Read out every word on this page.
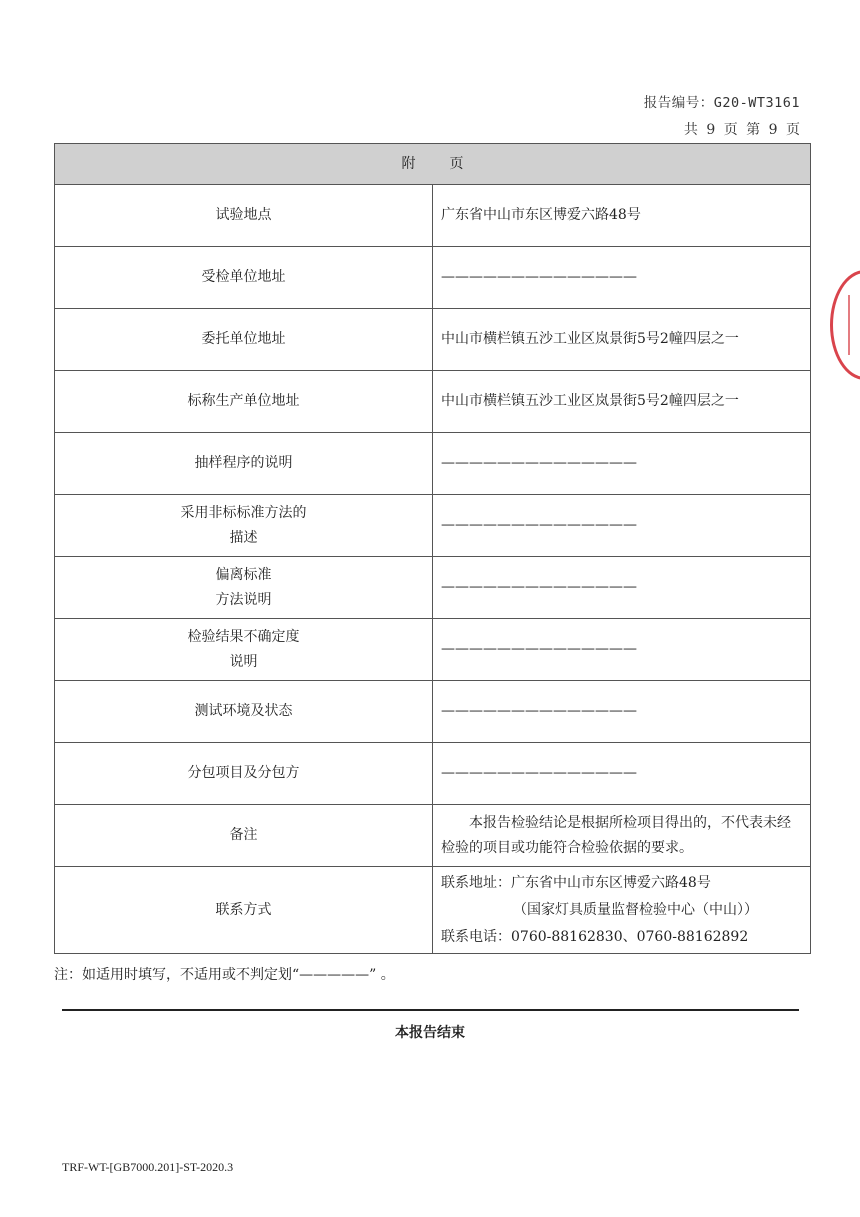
报告编号：G20-WT3161
共 9 页 第 9 页
附页	
试验地点	广东省中山市东区博爱六路48号
受检单位地址	——————————————
委托单位地址	中山市横栏镇五沙工业区岚景街5号2幢四层之一
标称生产单位地址	中山市横栏镇五沙工业区岚景街5号2幢四层之一
抽样程序的说明	——————————————

采用非标标准方法的
描述	——————————————

偏离标准
方法说明	——————————————

检验结果不确定度
说明	——————————————
测试环境及状态	——————————————
分包项目及分包方	——————————————
备注	本报告检验结论是根据所检项目得出的，不代表未经检验的项目或功能符合检验依据的要求。

联系方式	联系地址：广东省中山市东区博爱六路48号
（国家灯具质量监督检验中心（中山））
联系电话：0760-88162830、0760-88162892
注：如适用时填写，不适用或不判定划“—————” 。
本报告结束
TRF-WT-[GB7000.201]-ST-2020.3
